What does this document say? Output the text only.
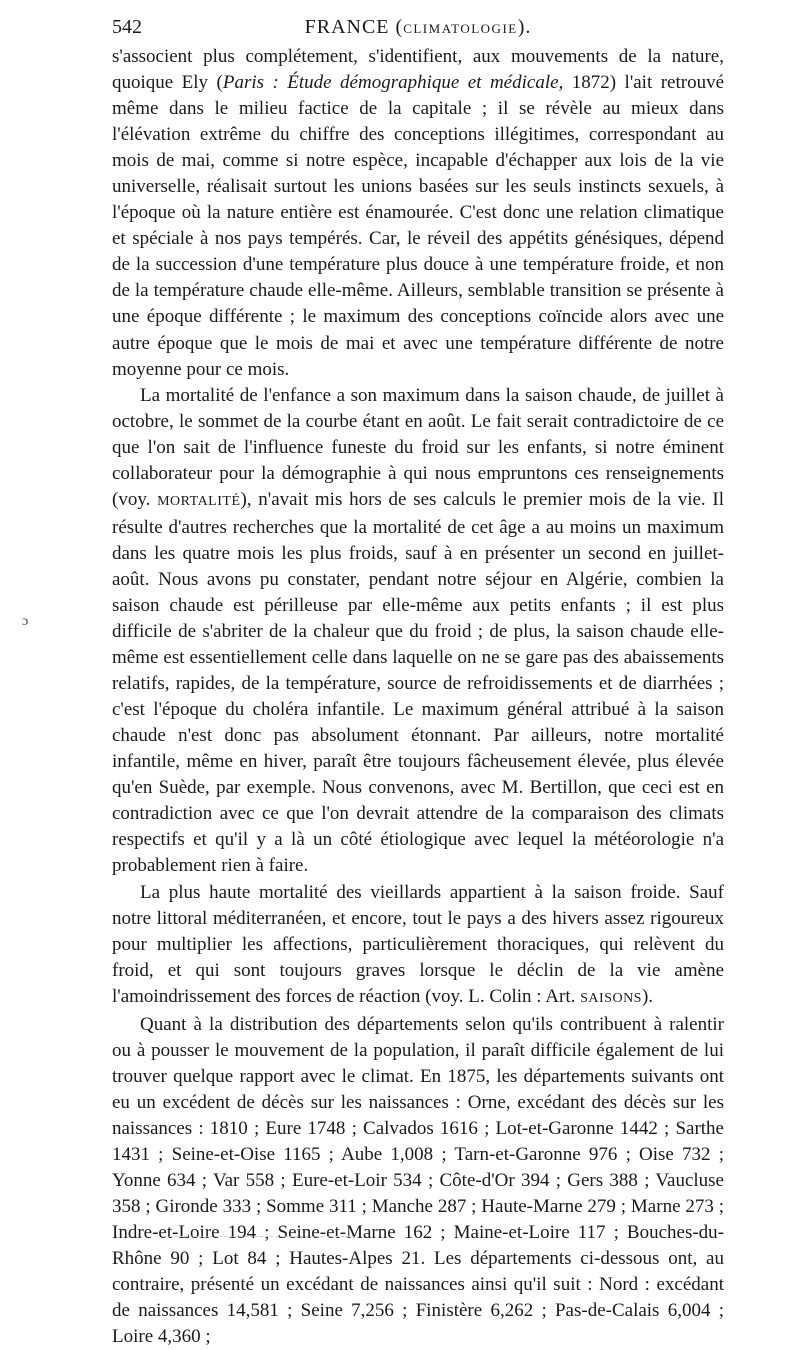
542	FRANCE (CLIMATOLOGIE).

s'associent plus complétement, s'identifient, aux mouvements de la nature, quoique Ely (Paris : Étude démographique et médicale, 1872) l'ait retrouvé même dans le milieu factice de la capitale ; il se révèle au mieux dans l'élévation extrême du chiffre des conceptions illégitimes, correspondant au mois de mai, comme si notre espèce, incapable d'échapper aux lois de la vie universelle, réalisait surtout les unions basées sur les seuls instincts sexuels, à l'époque où la nature entière est énamourée. C'est donc une relation climatique et spéciale à nos pays tempérés. Car, le réveil des appétits génésiques, dépend de la succession d'une température plus douce à une température froide, et non de la température chaude elle-même. Ailleurs, semblable transition se présente à une époque différente ; le maximum des conceptions coïncide alors avec une autre époque que le mois de mai et avec une température différente de notre moyenne pour ce mois.

La mortalité de l'enfance a son maximum dans la saison chaude, de juillet à octobre, le sommet de la courbe étant en août. Le fait serait contradictoire de ce que l'on sait de l'influence funeste du froid sur les enfants, si notre éminent collaborateur pour la démographie à qui nous empruntons ces renseignements (voy. MORTALITÉ), n'avait mis hors de ses calculs le premier mois de la vie. Il résulte d'autres recherches que la mortalité de cet âge a au moins un maximum dans les quatre mois les plus froids, sauf à en présenter un second en juillet-août. Nous avons pu constater, pendant notre séjour en Algérie, combien la saison chaude est périlleuse par elle-même aux petits enfants ; il est plus difficile de s'abriter de la chaleur que du froid ; de plus, la saison chaude elle-même est essentiellement celle dans laquelle on ne se gare pas des abaissements relatifs, rapides, de la température, source de refroidissements et de diarrhées ; c'est l'époque du choléra infantile. Le maximum général attribué à la saison chaude n'est donc pas absolument étonnant. Par ailleurs, notre mortalité infantile, même en hiver, paraît être toujours fâcheusement élevée, plus élevée qu'en Suède, par exemple. Nous convenons, avec M. Bertillon, que ceci est en contradiction avec ce que l'on devrait attendre de la comparaison des climats respectifs et qu'il y a là un côté étiologique avec lequel la météorologie n'a probablement rien à faire.

La plus haute mortalité des vieillards appartient à la saison froide. Sauf notre littoral méditerranéen, et encore, tout le pays a des hivers assez rigoureux pour multiplier les affections, particulièrement thoraciques, qui relèvent du froid, et qui sont toujours graves lorsque le déclin de la vie amène l'amoindrissement des forces de réaction (voy. L. Colin : Art. SAISONS).

Quant à la distribution des départements selon qu'ils contribuent à ralentir ou à pousser le mouvement de la population, il paraît difficile également de lui trouver quelque rapport avec le climat. En 1875, les départements suivants ont eu un excédent de décès sur les naissances : Orne, excédant des décès sur les naissances : 1810 ; Eure 1748 ; Calvados 1616 ; Lot-et-Garonne 1442 ; Sarthe 1431 ; Seine-et-Oise 1165 ; Aube 1,008 ; Tarn-et-Garonne 976 ; Oise 732 ; Yonne 634 ; Var 558 ; Eure-et-Loir 534 ; Côte-d'Or 394 ; Gers 388 ; Vaucluse 358 ; Gironde 333 ; Somme 311 ; Manche 287 ; Haute-Marne 279 ; Marne 273 ; Indre-et-Loire 194 ; Seine-et-Marne 162 ; Maine-et-Loire 117 ; Bouches-du-Rhône 90 ; Lot 84 ; Hautes-Alpes 21. Les départements ci-dessous ont, au contraire, présenté un excédant de naissances ainsi qu'il suit : Nord : excédant de naissances 14,581 ; Seine 7,256 ; Finistère 6,262 ; Pas-de-Calais 6,004 ; Loire 4,360 ;

ɔ
